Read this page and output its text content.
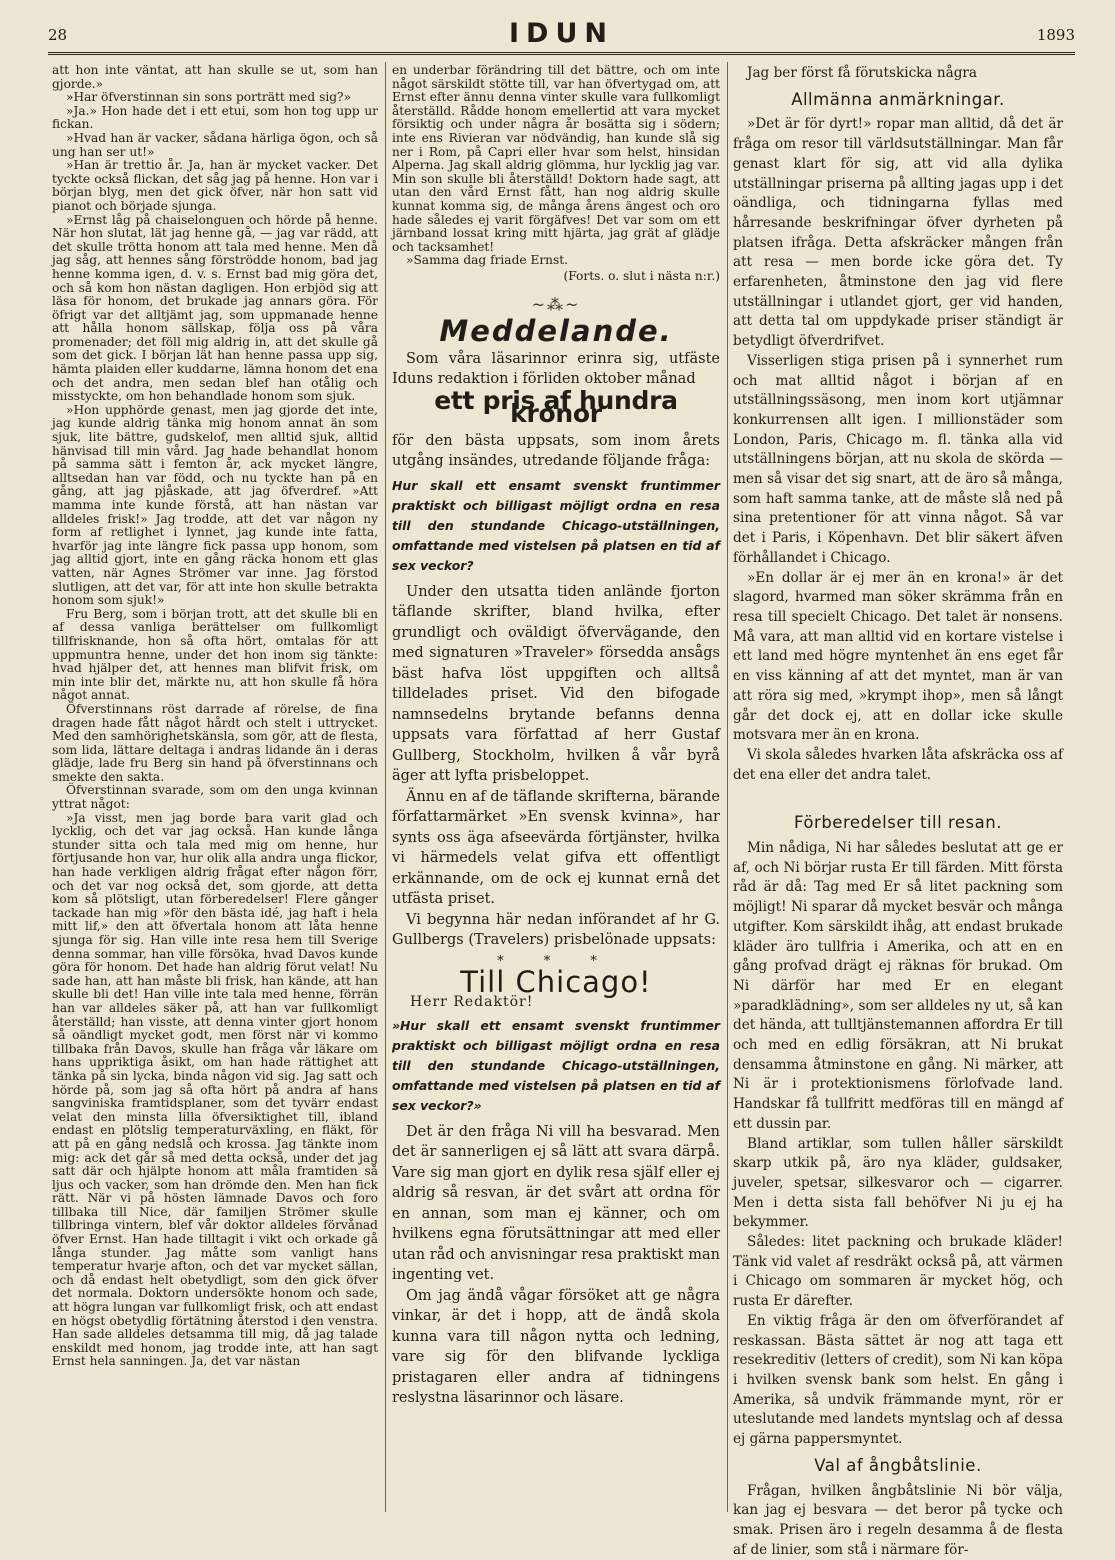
28	IDUN	1893

att hon inte väntat, att han skulle se ut, som han gjorde.»

»Har öfverstinnan sin sons porträtt med sig?»

»Ja.» Hon hade det i ett etui, som hon tog upp ur fickan.

»Hvad han är vacker, sådana härliga ögon, och så ung han ser ut!»

»Han är trettio år. Ja, han är mycket vacker. Det tyckte också flickan, det såg jag på henne. Hon var i början blyg, men det gick öfver, när hon satt vid pianot och började sjunga.

»Ernst låg på chaiselonguen och hörde på henne. När hon slutat, lät jag henne gå, — jag var rädd, att det skulle trötta honom att tala med henne. Men då jag såg, att hennes sång förströdde honom, bad jag henne komma igen, d. v. s. Ernst bad mig göra det, och så kom hon nästan dagligen. Hon erbjöd sig att läsa för honom, det brukade jag annars göra. För öfrigt var det alltjämt jag, som uppmanade henne att hålla honom sällskap, följa oss på våra promenader; det föll mig aldrig in, att det skulle gå som det gick. I början lät han henne passa upp sig, hämta plaiden eller kuddarne, lämna honom det ena och det andra, men sedan blef han otålig och misstyckte, om hon behandlade honom som sjuk.

»Hon upphörde genast, men jag gjorde det inte, jag kunde aldrig tänka mig honom annat än som sjuk, lite bättre, gudskelof, men alltid sjuk, alltid hänvisad till min vård. Jag hade behandlat honom på samma sätt i femton år, ack mycket längre, alltsedan han var född, och nu tyckte han på en gång, att jag pjåskade, att jag öfverdref. »Att mamma inte kunde förstå, att han nästan var alldeles frisk!» Jag trodde, att det var någon ny form af retlighet i lynnet, jag kunde inte fatta, hvarför jag inte längre fick passa upp honom, som jag alltid gjort, inte en gång räcka honom ett glas vatten, när Agnes Strömer var inne. Jag förstod slutligen, att det var, för att inte hon skulle betrakta honom som sjuk!»

Fru Berg, som i början trott, att det skulle bli en af dessa vanliga berättelser om fullkomligt tillfrisknande, hon så ofta hört, omtalas för att uppmuntra henne, under det hon inom sig tänkte: hvad hjälper det, att hennes man blifvit frisk, om min inte blir det, märkte nu, att hon skulle få höra något annat.

Öfverstinnans röst darrade af rörelse, de fina dragen hade fått något hårdt och stelt i uttrycket. Med den samhörighetskänsla, som gör, att de flesta, som lida, lättare deltaga i andras lidande än i deras glädje, lade fru Berg sin hand på öfverstinnans och smekte den sakta.

Öfverstinnan svarade, som om den unga kvinnan yttrat något:

»Ja visst, men jag borde bara varit glad och lycklig, och det var jag också. Han kunde långa stunder sitta och tala med mig om henne, hur förtjusande hon var, hur olik alla andra unga flickor, han hade verkligen aldrig frågat efter någon förr, och det var nog också det, som gjorde, att detta kom så plötsligt, utan förberedelser! Flere gånger tackade han mig »för den bästa idé, jag haft i hela mitt lif,» den att öfvertala honom att låta henne sjunga för sig. Han ville inte resa hem till Sverige denna sommar, han ville försöka, hvad Davos kunde göra för honom. Det hade han aldrig förut velat! Nu sade han, att han måste bli frisk, han kände, att han skulle bli det! Han ville inte tala med henne, förrän han var alldeles säker på, att han var fullkomligt återställd; han visste, att denna vinter gjort honom så oändligt mycket godt, men först när vi kommo tillbaka från Davos, skulle han fråga vår läkare om hans uppriktiga åsikt, om han hade rättighet att tänka på sin lycka, binda någon vid sig. Jag satt och hörde på, som jag så ofta hört på andra af hans sangviniska framtidsplaner, som det tyvärr endast velat den minsta lilla öfversiktighet till, ibland endast en plötslig temperaturväxling, en fläkt, för att på en gång nedslå och krossa. Jag tänkte inom mig: ack det går så med detta också, under det jag satt där och hjälpte honom att måla framtiden så ljus och vacker, som han drömde den. Men han fick rätt. När vi på hösten lämnade Davos och foro tillbaka till Nice, där familjen Strömer skulle tillbringa vintern, blef vår doktor alldeles förvånad öfver Ernst. Han hade tilltagit i vikt och orkade gå långa stunder. Jag måtte som vanligt hans temperatur hvarje afton, och det var mycket sällan, och då endast helt obetydligt, som den gick öfver det normala. Doktorn undersökte honom och sade, att högra lungan var fullkomligt frisk, och att endast en högst obetydlig förtätning återstod i den venstra. Han sade alldeles detsamma till mig, då jag talade enskildt med honom, jag trodde inte, att han sagt Ernst hela sanningen. Ja, det var nästan

en underbar förändring till det bättre, och om inte något särskildt stötte till, var han öfvertygad om, att Ernst efter ännu denna vinter skulle vara fullkomligt återställd. Rådde honom emellertid att vara mycket försiktig och under några år bosätta sig i södern; inte ens Rivieran var nödvändig, han kunde slå sig ner i Rom, på Capri eller hvar som helst, hinsidan Alperna. Jag skall aldrig glömma, hur lycklig jag var. Min son skulle bli återställd! Doktorn hade sagt, att utan den vård Ernst fått, han nog aldrig skulle kunnat komma sig, de många årens ängest och oro hade således ej varit förgäfves! Det var som om ett järnband lossat kring mitt hjärta, jag grät af glädje och tacksamhet!

»Samma dag friade Ernst.

(Forts. o. slut i nästa n:r.)

~⁂~
Meddelande.

Som våra läsarinnor erinra sig, utfäste Iduns redaktion i förliden oktober månad

ett pris af hundra kronor

för den bästa uppsats, som inom årets utgång insändes, utredande följande fråga:

Hur skall ett ensamt svenskt fruntimmer praktiskt och billigast möjligt ordna en resa till den stundande Chicago-utställningen, omfattande med vistelsen på platsen en tid af sex veckor?

Under den utsatta tiden anlände fjorton täflande skrifter, bland hvilka, efter grundligt och oväldigt öfvervägande, den med signaturen »Traveler» försedda ansågs bäst hafva löst uppgiften och alltså tilldelades priset. Vid den bifogade namnsedelns brytande befanns denna uppsats vara författad af herr Gustaf Gullberg, Stockholm, hvilken å vår byrå äger att lyfta prisbeloppet.

Ännu en af de täflande skrifterna, bärande författarmärket »En svensk kvinna», har synts oss äga afseevärda förtjänster, hvilka vi härmedels velat gifva ett offentligt erkännande, om de ock ej kunnat ernå det utfästa priset.

Vi begynna här nedan införandet af hr G. Gullbergs (Travelers) prisbelönade uppsats:

* * *
Till Chicago!
Herr Redaktör!
»Hur skall ett ensamt svenskt fruntimmer praktiskt och billigast möjligt ordna en resa till den stundande Chicago-utställningen, omfattande med vistelsen på platsen en tid af sex veckor?»

Det är den fråga Ni vill ha besvarad. Men det är sannerligen ej så lätt att svara därpå. Vare sig man gjort en dylik resa själf eller ej aldrig så resvan, är det svårt att ordna för en annan, som man ej känner, och om hvilkens egna förutsättningar att med eller utan råd och anvisningar resa praktiskt man ingenting vet.

Om jag ändå vågar försöket att ge några vinkar, är det i hopp, att de ändå skola kunna vara till någon nytta och ledning, vare sig för den blifvande lyckliga pristagaren eller andra af tidningens reslystna läsarinnor och läsare.

Jag ber först få förutskicka några

Allmänna anmärkningar.

»Det är för dyrt!» ropar man alltid, då det är fråga om resor till världsutställningar. Man får genast klart för sig, att vid alla dylika utställningar priserna på allting jagas upp i det oändliga, och tidningarna fyllas med hårresande beskrifningar öfver dyrheten på platsen ifråga. Detta afskräcker mången från att resa — men borde icke göra det. Ty erfarenheten, åtminstone den jag vid flere utställningar i utlandet gjort, ger vid handen, att detta tal om uppdykade priser ständigt är betydligt öfverdrifvet.

Visserligen stiga prisen på i synnerhet rum och mat alltid något i början af en utställningssäsong, men inom kort utjämnar konkurrensen allt igen. I millionstäder som London, Paris, Chicago m. fl. tänka alla vid utställningens början, att nu skola de skörda — men så visar det sig snart, att de äro så många, som haft samma tanke, att de måste slå ned på sina pretentioner för att vinna något. Så var det i Paris, i Köpenhavn. Det blir säkert äfven förhållandet i Chicago.

»En dollar är ej mer än en krona!» är det slagord, hvarmed man söker skrämma från en resa till specielt Chicago. Det talet är nonsens. Må vara, att man alltid vid en kortare vistelse i ett land med högre myntenhet än ens eget får en viss känning af att det myntet, man är van att röra sig med, »krympt ihop», men så långt går det dock ej, att en dollar icke skulle motsvara mer än en krona.

Vi skola således hvarken låta afskräcka oss af det ena eller det andra talet.

Förberedelser till resan.

Min nådiga, Ni har således beslutat att ge er af, och Ni börjar rusta Er till färden. Mitt första råd är då: Tag med Er så litet packning som möjligt! Ni sparar då mycket besvär och många utgifter. Kom särskildt ihåg, att endast brukade kläder äro tullfria i Amerika, och att en en gång profvad drägt ej räknas för brukad. Om Ni därför har med Er en elegant »paradklädning», som ser alldeles ny ut, så kan det hända, att tulltjänstemannen affordra Er till och med en edlig försäkran, att Ni brukat densamma åtminstone en gång. Ni märker, att Ni är i protektionismens förlofvade land. Handskar få tullfritt medföras till en mängd af ett dussin par.

Bland artiklar, som tullen håller särskildt skarp utkik på, äro nya kläder, guldsaker, juveler, spetsar, silkesvaror och — cigarrer. Men i detta sista fall behöfver Ni ju ej ha bekymmer.

Således: litet packning och brukade kläder! Tänk vid valet af resdräkt också på, att värmen i Chicago om sommaren är mycket hög, och rusta Er därefter.

En viktig fråga är den om öfverförandet af reskassan. Bästa sättet är nog att taga ett resekreditiv (letters of credit), som Ni kan köpa i hvilken svensk bank som helst. En gång i Amerika, så undvik främmande mynt, rör er uteslutande med landets myntslag och af dessa ej gärna pappersmyntet.

Val af ångbåtslinie.

Frågan, hvilken ångbåtslinie Ni bör välja, kan jag ej besvara — det beror på tycke och smak. Prisen äro i regeln desamma å de flesta af de linier, som stå i närmare för-
